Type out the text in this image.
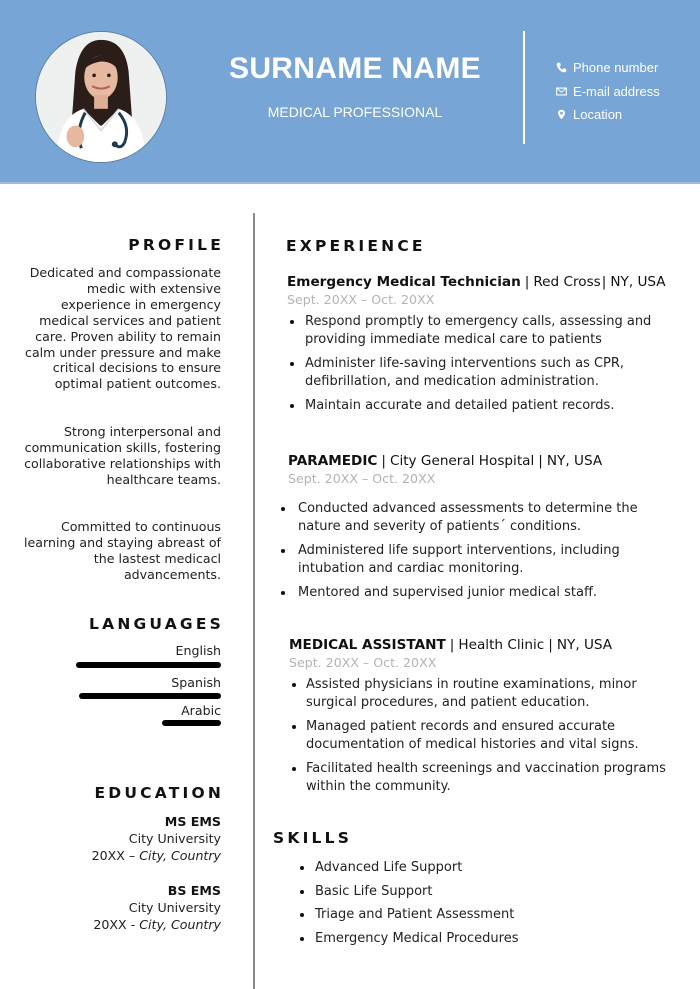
SURNAME NAME
MEDICAL PROFESSIONAL
Phone number
E-mail address
Location
PROFILE

Dedicated and compassionate medic with extensive experience in emergency medical services and patient care. Proven ability to remain calm under pressure and make critical decisions to ensure optimal patient outcomes.

Strong interpersonal and communication skills, fostering collaborative relationships with healthcare teams.

Committed to continuous learning and staying abreast of the lastest medicacl advancements.

LANGUAGES
English
Spanish
Arabic
EDUCATION
MS EMS
City University
20XX – City, Country
BS EMS
City University
20XX - City, Country
EXPERIENCE
Emergency Medical Technician | Red Cross| NY, USA
Sept. 20XX – Oct. 20XX
Respond promptly to emergency calls, assessing and providing immediate medical care to patients
Administer life-saving interventions such as CPR, defibrillation, and medication administration.
Maintain accurate and detailed patient records.
PARAMEDIC | City General Hospital | NY, USA
Sept. 20XX – Oct. 20XX
Conducted advanced assessments to determine the nature and severity of patients´ conditions.
Administered life support interventions, including intubation and cardiac monitoring.
Mentored and supervised junior medical staff.
MEDICAL ASSISTANT | Health Clinic | NY, USA
Sept. 20XX – Oct. 20XX
Assisted physicians in routine examinations, minor surgical procedures, and patient education.
Managed patient records and ensured accurate documentation of medical histories and vital signs.
Facilitated health screenings and vaccination programs within the community.
SKILLS
Advanced Life Support
Basic Life Support
Triage and Patient Assessment
Emergency Medical Procedures
